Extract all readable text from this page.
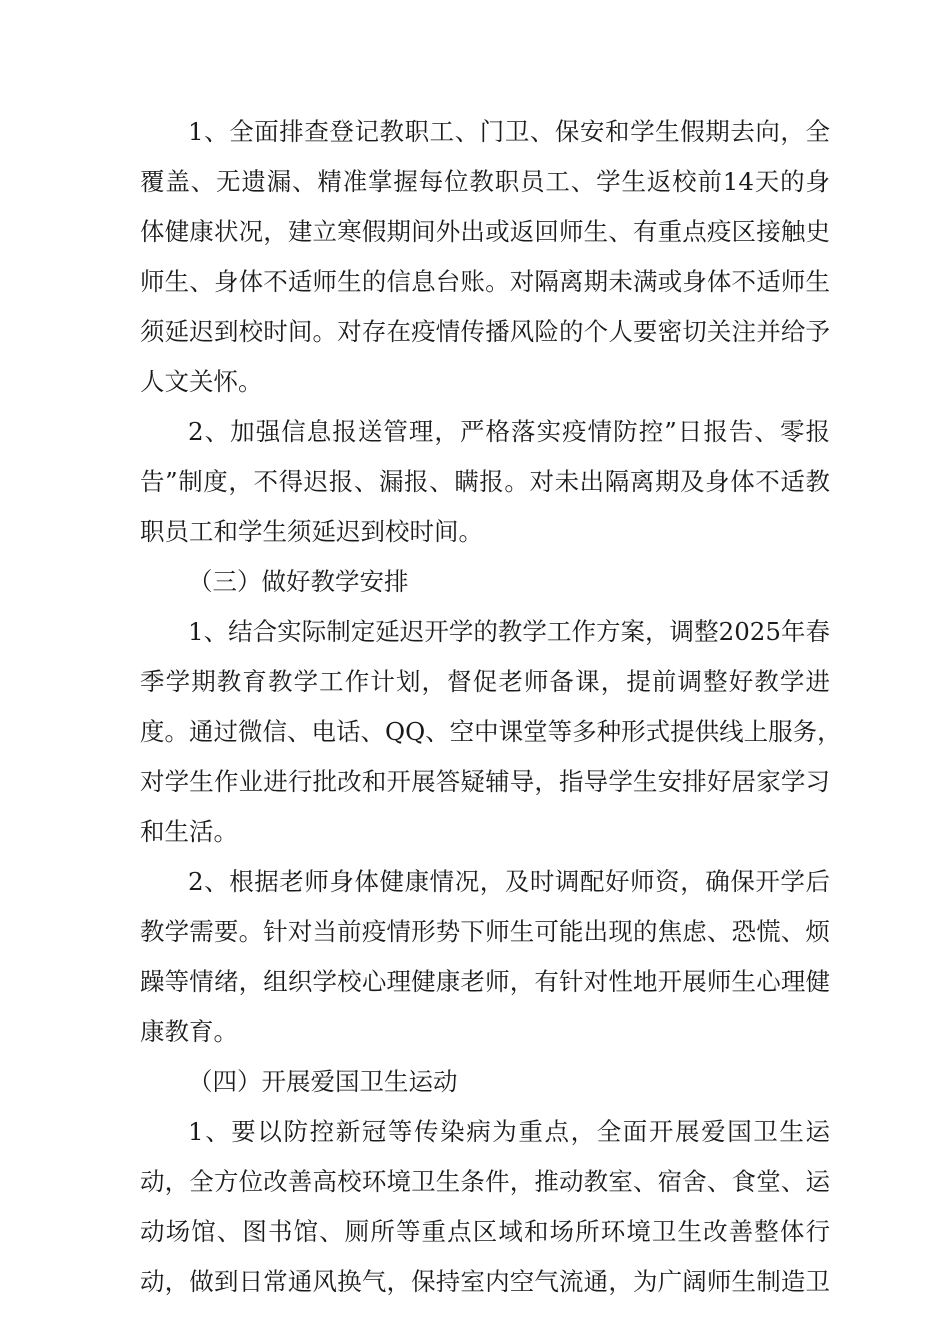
1、全面排查登记教职工、门卫、保安和学生假期去向，全
覆盖、无遗漏、精准掌握每位教职员工、学生返校前14天的身
体健康状况，建立寒假期间外出或返回师生、有重点疫区接触史
师生、身体不适师生的信息台账。对隔离期未满或身体不适师生
须延迟到校时间。对存在疫情传播风险的个人要密切关注并给予
人文关怀。
2、加强信息报送管理，严格落实疫情防控”日报告、零报
告”制度，不得迟报、漏报、瞒报。对未出隔离期及身体不适教
职员工和学生须延迟到校时间。
（三）做好教学安排
1、结合实际制定延迟开学的教学工作方案，调整2025年春
季学期教育教学工作计划，督促老师备课，提前调整好教学进
度。通过微信、电话、QQ、空中课堂等多种形式提供线上服务，
对学生作业进行批改和开展答疑辅导，指导学生安排好居家学习
和生活。
2、根据老师身体健康情况，及时调配好师资，确保开学后
教学需要。针对当前疫情形势下师生可能出现的焦虑、恐慌、烦
躁等情绪，组织学校心理健康老师，有针对性地开展师生心理健
康教育。
（四）开展爱国卫生运动
1、要以防控新冠等传染病为重点，全面开展爱国卫生运
动，全方位改善高校环境卫生条件，推动教室、宿舍、食堂、运
动场馆、图书馆、厕所等重点区域和场所环境卫生改善整体行
动，做到日常通风换气，保持室内空气流通，为广阔师生制造卫
